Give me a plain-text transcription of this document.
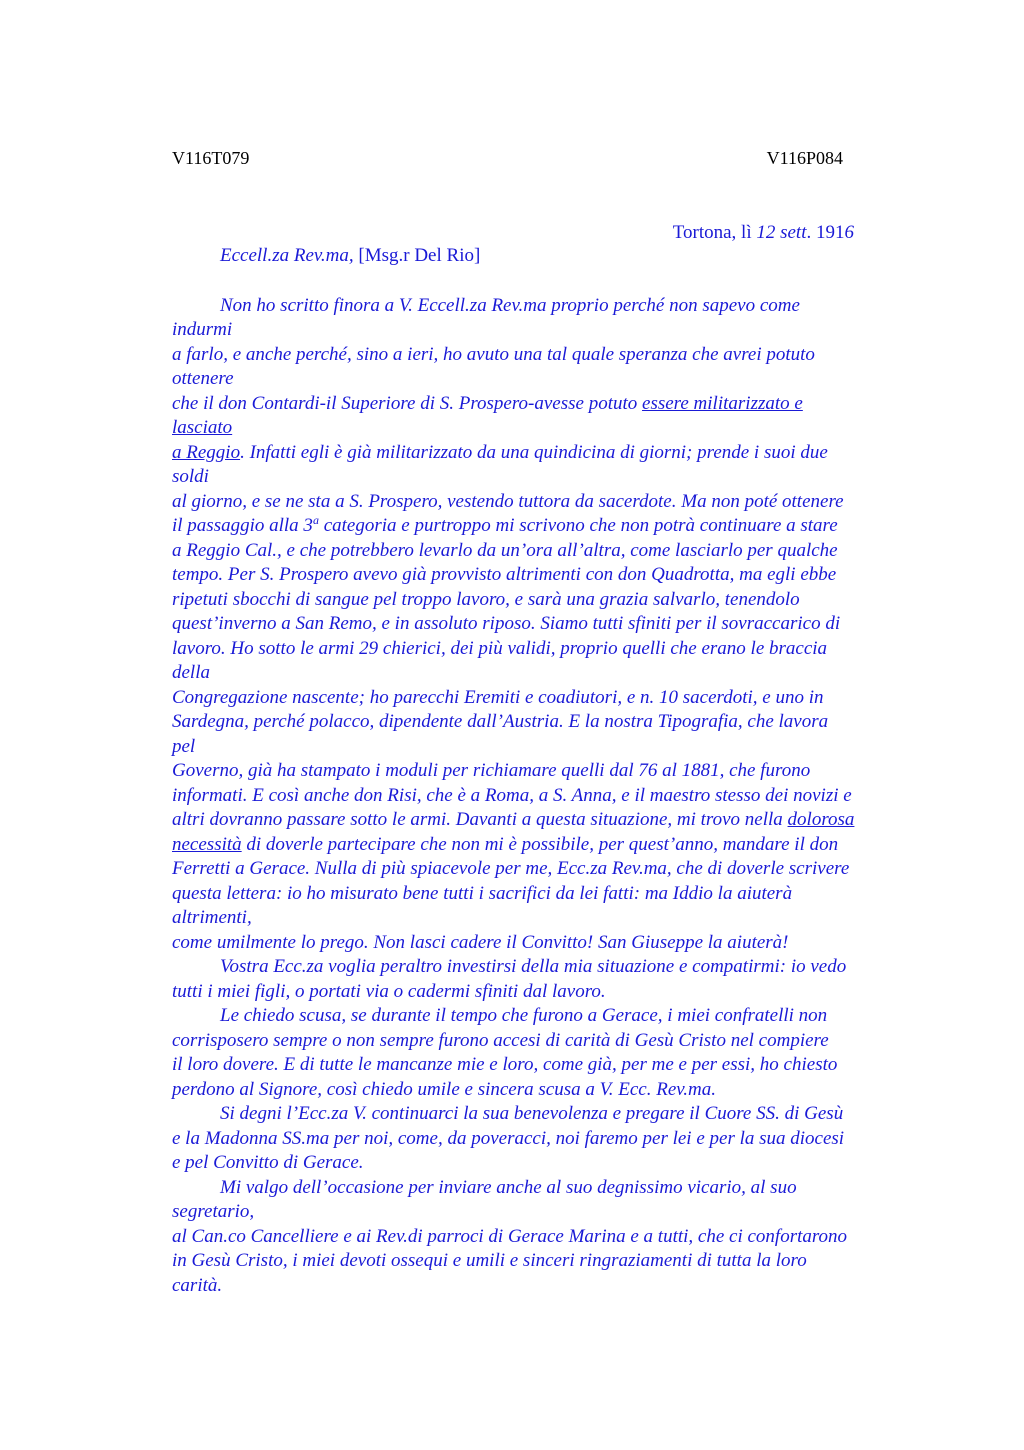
V116T079	V116P084
Tortona, lì 12 sett. 1916
Eccell.za Rev.ma, [Msg.r Del Rio]
Non ho scritto finora a V. Eccell.za Rev.ma proprio perché non sapevo come
indurmi
a farlo, e anche perché, sino a ieri, ho avuto una tal quale speranza che avrei potuto
ottenere
che il don Contardi-il Superiore di S. Prospero-avesse potuto essere militarizzato e
lasciato
a Reggio. Infatti egli è già militarizzato da una quindicina di giorni; prende i suoi due
soldi
al giorno, e se ne sta a S. Prospero, vestendo tuttora da sacerdote. Ma non poté ottenere
il passaggio alla 3$^a$ categoria e purtroppo mi scrivono che non potrà continuare a stare
a Reggio Cal., e che potrebbero levarlo da un’ora all’altra, come lasciarlo per qualche
tempo. Per S. Prospero avevo già provvisto altrimenti con don Quadrotta, ma egli ebbe
ripetuti sbocchi di sangue pel troppo lavoro, e sarà una grazia salvarlo, tenendolo
quest’inverno a San Remo, e in assoluto riposo. Siamo tutti sfiniti per il sovraccarico di
lavoro. Ho sotto le armi 29 chierici, dei più validi, proprio quelli che erano le braccia
della
Congregazione nascente; ho parecchi Eremiti e coadiutori, e n. 10 sacerdoti, e uno in
Sardegna, perché polacco, dipendente dall’Austria. E la nostra Tipografia, che lavora
pel
Governo, già ha stampato i moduli per richiamare quelli dal 76 al 1881, che furono
informati. E così anche don Risi, che è a Roma, a S. Anna, e il maestro stesso dei novizi e
altri dovranno passare sotto le armi. Davanti a questa situazione, mi trovo nella dolorosa
necessità di doverle partecipare che non mi è possibile, per quest’anno, mandare il don
Ferretti a Gerace. Nulla di più spiacevole per me, Ecc.za Rev.ma, che di doverle scrivere
questa lettera: io ho misurato bene tutti i sacrifici da lei fatti: ma Iddio la aiuterà
altrimenti,
come umilmente lo prego. Non lasci cadere il Convitto! San Giuseppe la aiuterà!
Vostra Ecc.za voglia peraltro investirsi della mia situazione e compatirmi: io vedo
tutti i miei figli, o portati via o cadermi sfiniti dal lavoro.
Le chiedo scusa, se durante il tempo che furono a Gerace, i miei confratelli non
corrisposero sempre o non sempre furono accesi di carità di Gesù Cristo nel compiere
il loro dovere. E di tutte le mancanze mie e loro, come già, per me e per essi, ho chiesto
perdono al Signore, così chiedo umile e sincera scusa a V. Ecc. Rev.ma.
Si degni l’Ecc.za V. continuarci la sua benevolenza e pregare il Cuore SS. di Gesù
e la Madonna SS.ma per noi, come, da poveracci, noi faremo per lei e per la sua diocesi
e pel Convitto di Gerace.
Mi valgo dell’occasione per inviare anche al suo degnissimo vicario, al suo
segretario,
al Can.co Cancelliere e ai Rev.di parroci di Gerace Marina e a tutti, che ci confortarono
in Gesù Cristo, i miei devoti ossequi e umili e sinceri ringraziamenti di tutta la loro
carità.
